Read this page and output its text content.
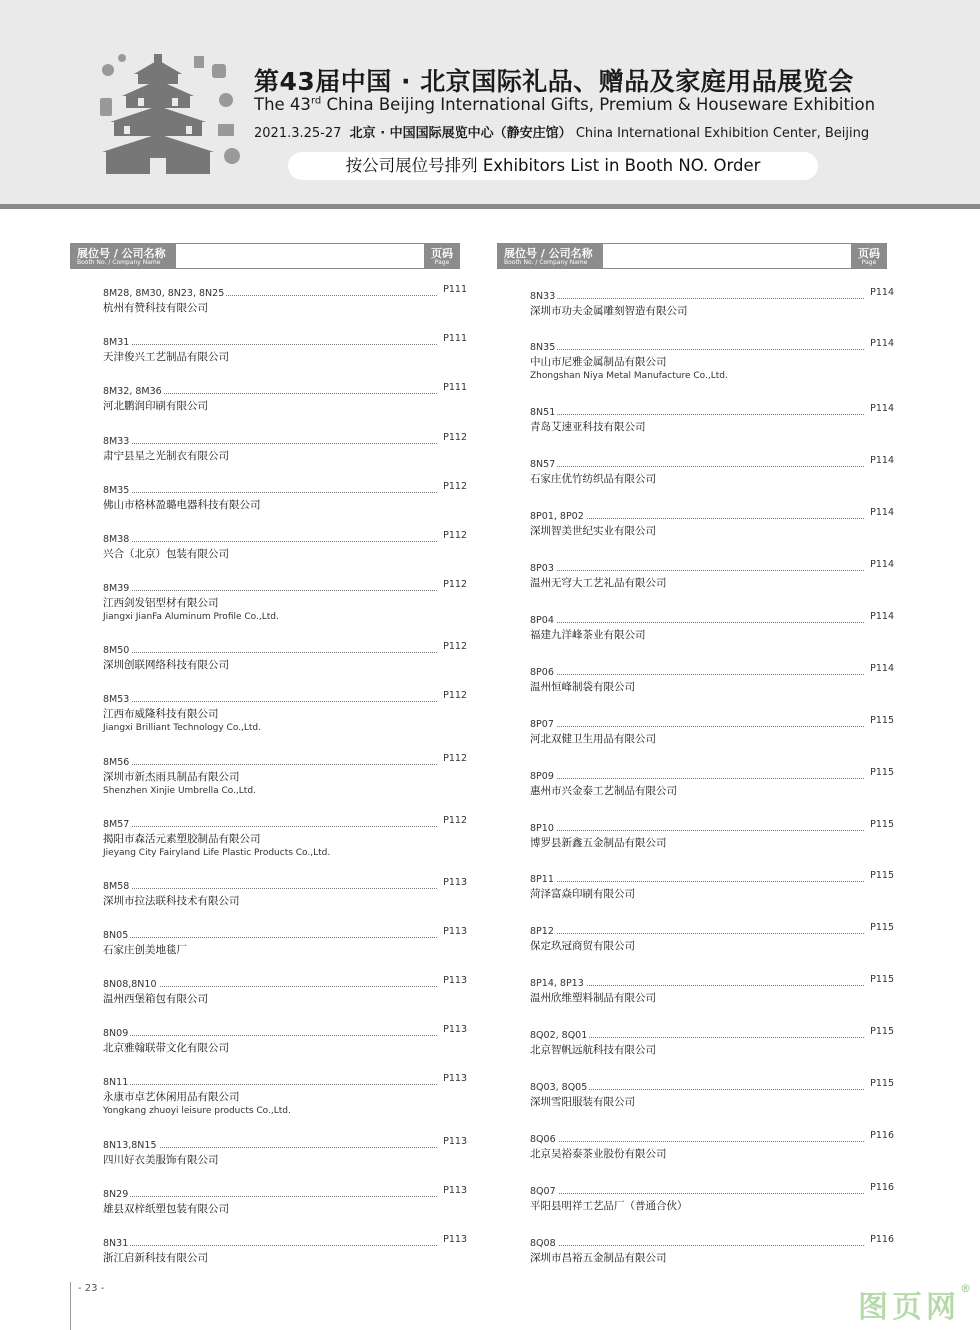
第43届中国 · 北京国际礼品、赠品及家庭用品展览会
The 43rd China Beijing International Gifts, Premium & Houseware Exhibition
2021.3.25-27 北京 · 中国国际展览中心（静安庄馆） China International Exhibition Center, Beijing
按公司展位号排列 Exhibitors List in Booth NO. Order
展位号 / 公司名称
Booth No. / Company Name
页码
Page
8M28, 8M30, 8N23, 8N25	P111
杭州有赞科技有限公司
8M31	P111
天津俊兴工艺制品有限公司
8M32, 8M36	P111
河北鹏润印刷有限公司
8M33	P112
肃宁县星之光制衣有限公司
8M35	P112
佛山市格林盈璐电器科技有限公司
8M38	P112
兴合（北京）包装有限公司
8M39	P112
江西剑发铝型材有限公司
Jiangxi JianFa Aluminum Profile Co.,Ltd.
8M50	P112
深圳创联网络科技有限公司
8M53	P112
江西布威隆科技有限公司
Jiangxi Brilliant Technology Co.,Ltd.
8M56	P112
深圳市新杰雨具制品有限公司
Shenzhen Xinjie Umbrella Co.,Ltd.
8M57	P112
揭阳市森活元素塑胶制品有限公司
Jieyang City Fairyland Life Plastic Products Co.,Ltd.
8M58	P113
深圳市拉法联科技术有限公司
8N05	P113
石家庄创美地毯厂
8N08,8N10	P113
温州西堡箱包有限公司
8N09	P113
北京雅翰联带文化有限公司
8N11	P113
永康市卓艺休闲用品有限公司
Yongkang zhuoyi leisure products Co.,Ltd.
8N13,8N15	P113
四川好衣美服饰有限公司
8N29	P113
雄县双梓纸塑包装有限公司
8N31	P113
浙江启新科技有限公司
展位号 / 公司名称
Booth No. / Company Name
页码
Page
8N33	P114
深圳市功夫金属雕刻智造有限公司
8N35	P114
中山市尼雅金属制品有限公司
Zhongshan Niya Metal Manufacture Co.,Ltd.
8N51	P114
青岛艾速亚科技有限公司
8N57	P114
石家庄优竹纺织品有限公司
8P01, 8P02	P114
深圳智美世纪实业有限公司
8P03	P114
温州无穹大工艺礼品有限公司
8P04	P114
福建九洋峰茶业有限公司
8P06	P114
温州恒峰制袋有限公司
8P07	P115
河北双健卫生用品有限公司
8P09	P115
惠州市兴金泰工艺制品有限公司
8P10	P115
博罗县新鑫五金制品有限公司
8P11	P115
菏泽富焱印刷有限公司
8P12	P115
保定玖冠商贸有限公司
8P14, 8P13	P115
温州欣维塑料制品有限公司
8Q02, 8Q01	P115
北京智帆远航科技有限公司
8Q03, 8Q05	P115
深圳雪阳服装有限公司
8Q06	P116
北京吴裕泰茶业股份有限公司
8Q07	P116
平阳县明祥工艺品厂（普通合伙）
8Q08	P116
深圳市昌裕五金制品有限公司
- 23 -
图页网®
